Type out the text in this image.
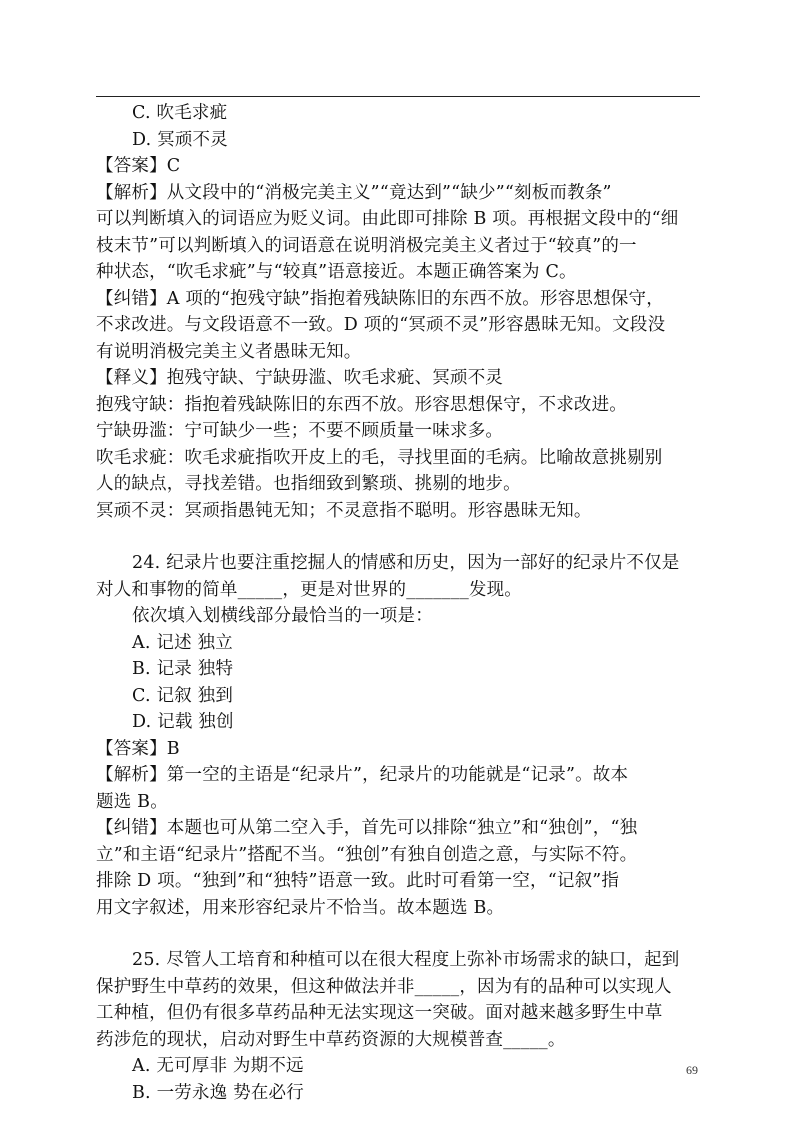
C. 吹毛求疵
D. 冥顽不灵
【答案】C
【解析】从文段中的“消极完美主义”“竟达到”“缺少”“刻板而教条”
可以判断填入的词语应为贬义词。由此即可排除 B 项。再根据文段中的“细
枝末节”可以判断填入的词语意在说明消极完美主义者过于“较真”的一
种状态，“吹毛求疵”与“较真”语意接近。本题正确答案为 C。
【纠错】A 项的“抱残守缺”指抱着残缺陈旧的东西不放。形容思想保守，
不求改进。与文段语意不一致。D 项的“冥顽不灵”形容愚昧无知。文段没
有说明消极完美主义者愚昧无知。
【释义】抱残守缺、宁缺毋滥、吹毛求疵、冥顽不灵
抱残守缺：指抱着残缺陈旧的东西不放。形容思想保守，不求改进。
宁缺毋滥：宁可缺少一些；不要不顾质量一味求多。
吹毛求疵：吹毛求疵指吹开皮上的毛，寻找里面的毛病。比喻故意挑剔别
人的缺点，寻找差错。也指细致到繁琐、挑剔的地步。
冥顽不灵：冥顽指愚钝无知；不灵意指不聪明。形容愚昧无知。
24. 纪录片也要注重挖掘人的情感和历史，因为一部好的纪录片不仅是
对人和事物的简单_____，更是对世界的_______发现。
依次填入划横线部分最恰当的一项是：
A. 记述 独立
B. 记录 独特
C. 记叙 独到
D. 记载 独创
【答案】B
【解析】第一空的主语是“纪录片”，纪录片的功能就是“记录”。故本
题选 B。
【纠错】本题也可从第二空入手，首先可以排除“独立”和“独创”，“独
立”和主语“纪录片”搭配不当。“独创”有独自创造之意，与实际不符。
排除 D 项。“独到”和“独特”语意一致。此时可看第一空，“记叙”指
用文字叙述，用来形容纪录片不恰当。故本题选 B。
25. 尽管人工培育和种植可以在很大程度上弥补市场需求的缺口，起到
保护野生中草药的效果，但这种做法并非_____，因为有的品种可以实现人
工种植，但仍有很多草药品种无法实现这一突破。面对越来越多野生中草
药涉危的现状，启动对野生中草药资源的大规模普查_____。
A. 无可厚非 为期不远
B. 一劳永逸 势在必行
69
